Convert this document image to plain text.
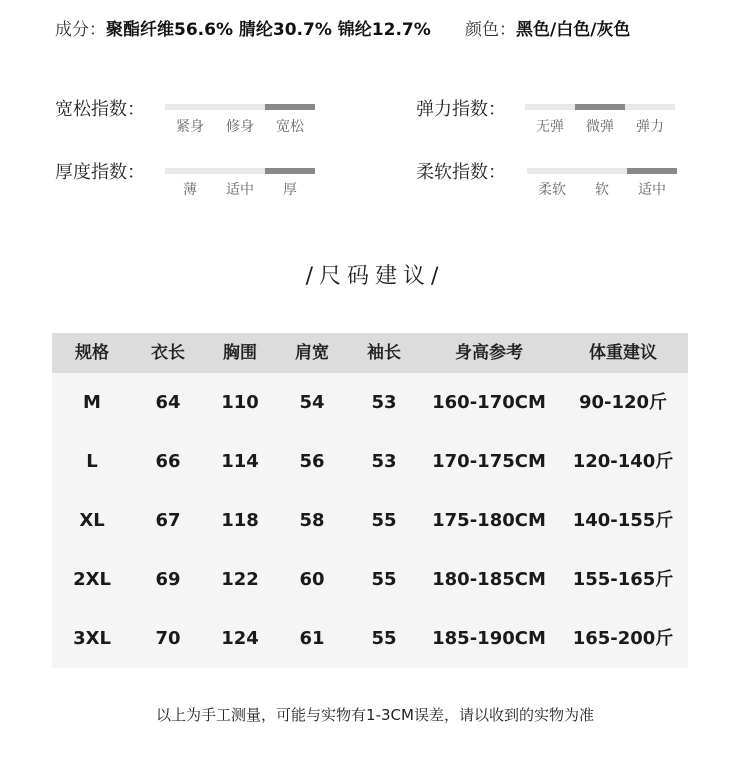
成分：聚酯纤维56.6% 腈纶30.7% 锦纶12.7% 颜色：黑色/白色/灰色
宽松指数：
紧身	修身	宽松
弹力指数：
无弹	微弹	弹力
厚度指数：
薄	适中	厚
柔软指数：
柔软	软	适中
/尺码建议/
规格	衣长	胸围	肩宽	袖长	身高参考	体重建议
M	64	110	54	53	160-170CM	90-120斤
L	66	114	56	53	170-175CM	120-140斤
XL	67	118	58	55	175-180CM	140-155斤
2XL	69	122	60	55	180-185CM	155-165斤
3XL	70	124	61	55	185-190CM	165-200斤
以上为手工测量，可能与实物有1-3CM误差，请以收到的实物为准
